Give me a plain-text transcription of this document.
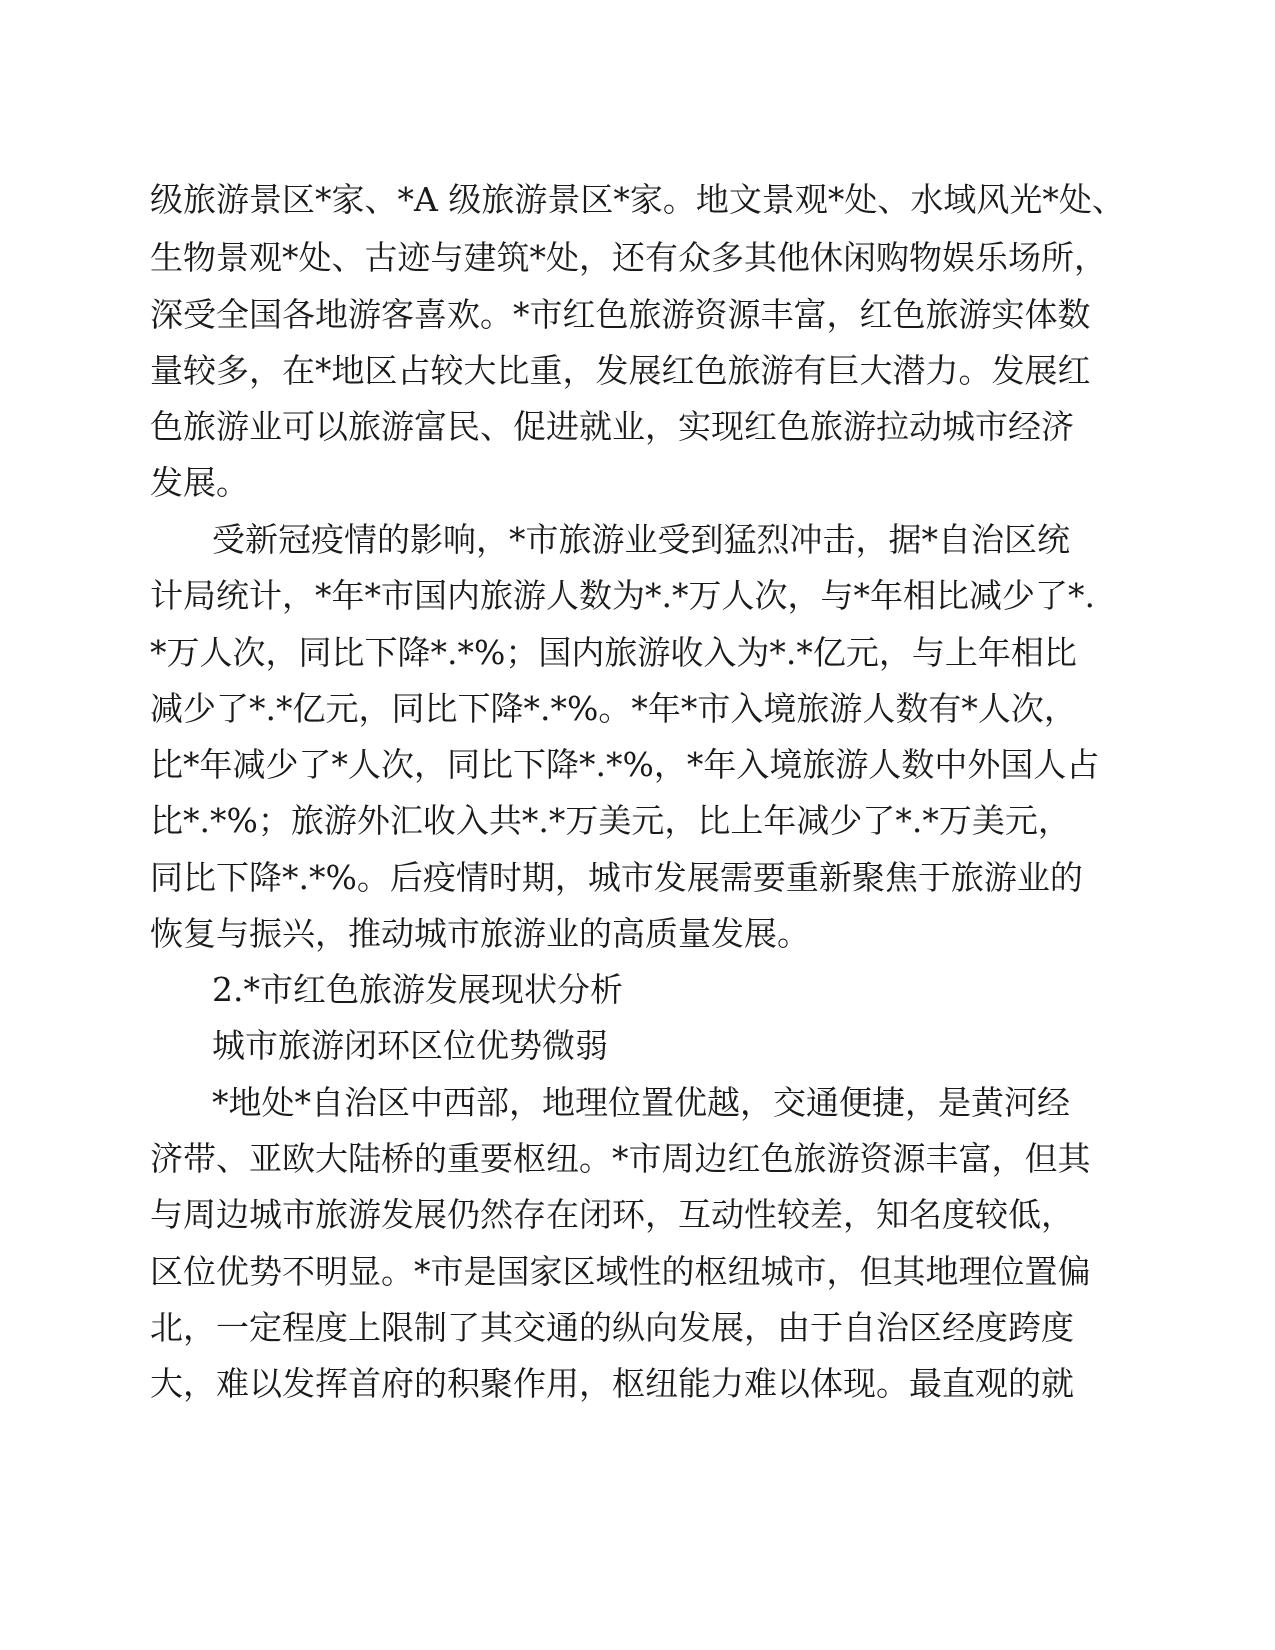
级旅游景区*家、*A 级旅游景区*家。地文景观*处、水域风光*处、

生物景观*处、古迹与建筑*处，还有众多其他休闲购物娱乐场所，

深受全国各地游客喜欢。*市红色旅游资源丰富，红色旅游实体数

量较多，在*地区占较大比重，发展红色旅游有巨大潜力。发展红

色旅游业可以旅游富民、促进就业，实现红色旅游拉动城市经济

发展。

受新冠疫情的影响，*市旅游业受到猛烈冲击，据*自治区统

计局统计，*年*市国内旅游人数为*.*万人次，与*年相比减少了*.

*万人次，同比下降*.*%；国内旅游收入为*.*亿元，与上年相比

减少了*.*亿元，同比下降*.*%。*年*市入境旅游人数有*人次，

比*年减少了*人次，同比下降*.*%，*年入境旅游人数中外国人占

比*.*%；旅游外汇收入共*.*万美元，比上年减少了*.*万美元，

同比下降*.*%。后疫情时期，城市发展需要重新聚焦于旅游业的

恢复与振兴，推动城市旅游业的高质量发展。

2.*市红色旅游发展现状分析

城市旅游闭环区位优势微弱

*地处*自治区中西部，地理位置优越，交通便捷，是黄河经

济带、亚欧大陆桥的重要枢纽。*市周边红色旅游资源丰富，但其

与周边城市旅游发展仍然存在闭环，互动性较差，知名度较低，

区位优势不明显。*市是国家区域性的枢纽城市，但其地理位置偏

北，一定程度上限制了其交通的纵向发展，由于自治区经度跨度

大，难以发挥首府的积聚作用，枢纽能力难以体现。最直观的就
